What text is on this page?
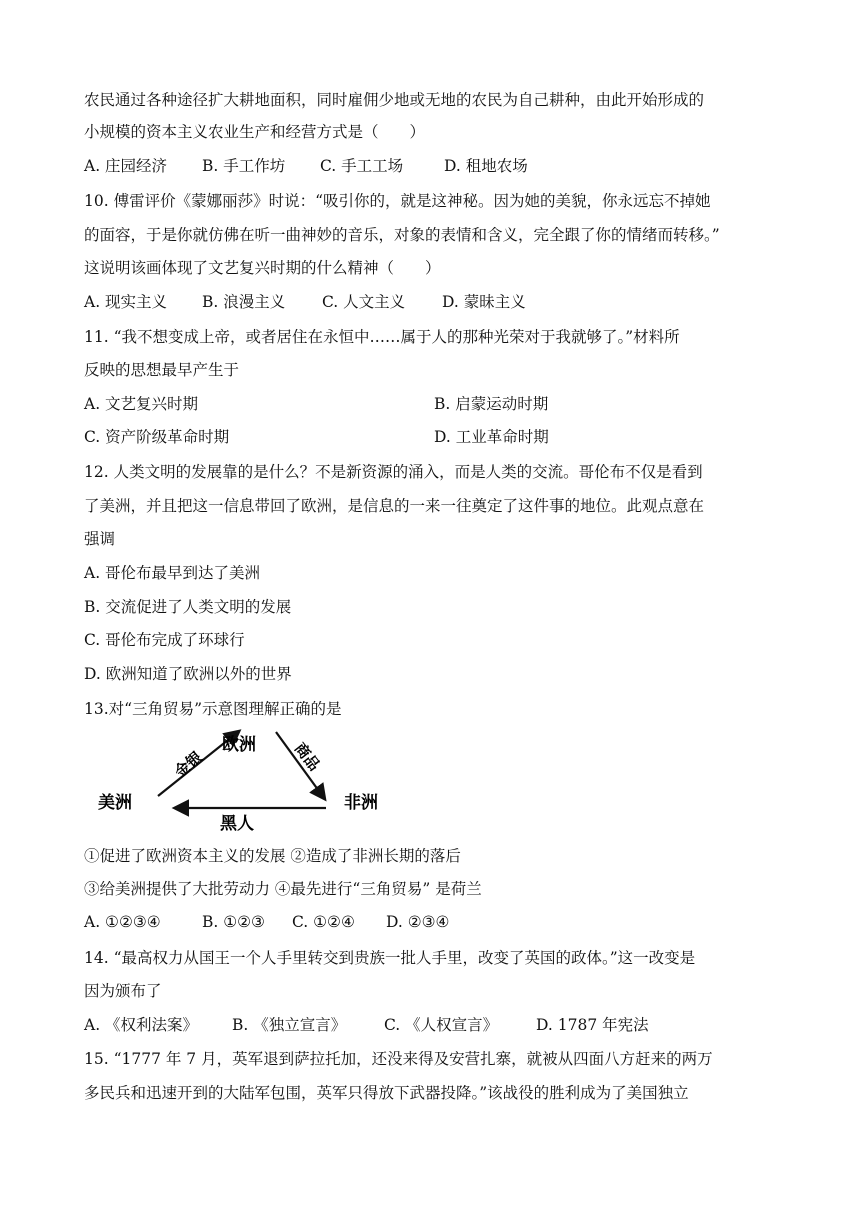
农民通过各种途径扩大耕地面积，同时雇佣少地或无地的农民为自己耕种，由此开始形成的
小规模的资本主义农业生产和经营方式是（　　）
A. 庄园经济 B. 手工作坊 C. 手工工场	D. 租地农场
10. 傅雷评价《蒙娜丽莎》时说：“吸引你的，就是这神秘。因为她的美貌，你永远忘不掉她
的面容，于是你就仿佛在听一曲神妙的音乐，对象的表情和含义，完全跟了你的情绪而转移。”
这说明该画体现了文艺复兴时期的什么精神（　　）
A. 现实主义 B. 浪漫主义 C. 人文主义 D. 蒙昧主义
11. “我不想变成上帝，或者居住在永恒中……属于人的那种光荣对于我就够了。”材料所
反映的思想最早产生于
A. 文艺复兴时期	B. 启蒙运动时期
C. 资产阶级革命时期	D. 工业革命时期
12. 人类文明的发展靠的是什么？不是新资源的涌入，而是人类的交流。哥伦布不仅是看到
了美洲，并且把这一信息带回了欧洲，是信息的一来一往奠定了这件事的地位。此观点意在
强调
A. 哥伦布最早到达了美洲
B. 交流促进了人类文明的发展
C. 哥伦布完成了环球行
D. 欧洲知道了欧洲以外的世界
13.对“三角贸易”示意图理解正确的是
欧洲
美洲	非洲
金银	商品
黑人
①促进了欧洲资本主义的发展 ②造成了非洲长期的落后
③给美洲提供了大批劳动力 ④最先进行“三角贸易” 是荷兰
A. ①②③④	B. ①②③ C. ①②④ D. ②③④
14. “最高权力从国王一个人手里转交到贵族一批人手里，改变了英国的政体。”这一改变是
因为颁布了
A. 《权利法案》 B. 《独立宣言》 C. 《人权宣言》 D. 1787 年宪法
15. “1777 年 7 月，英军退到萨拉托加，还没来得及安营扎寨，就被从四面八方赶来的两万
多民兵和迅速开到的大陆军包围，英军只得放下武器投降。”该战役的胜利成为了美国独立
